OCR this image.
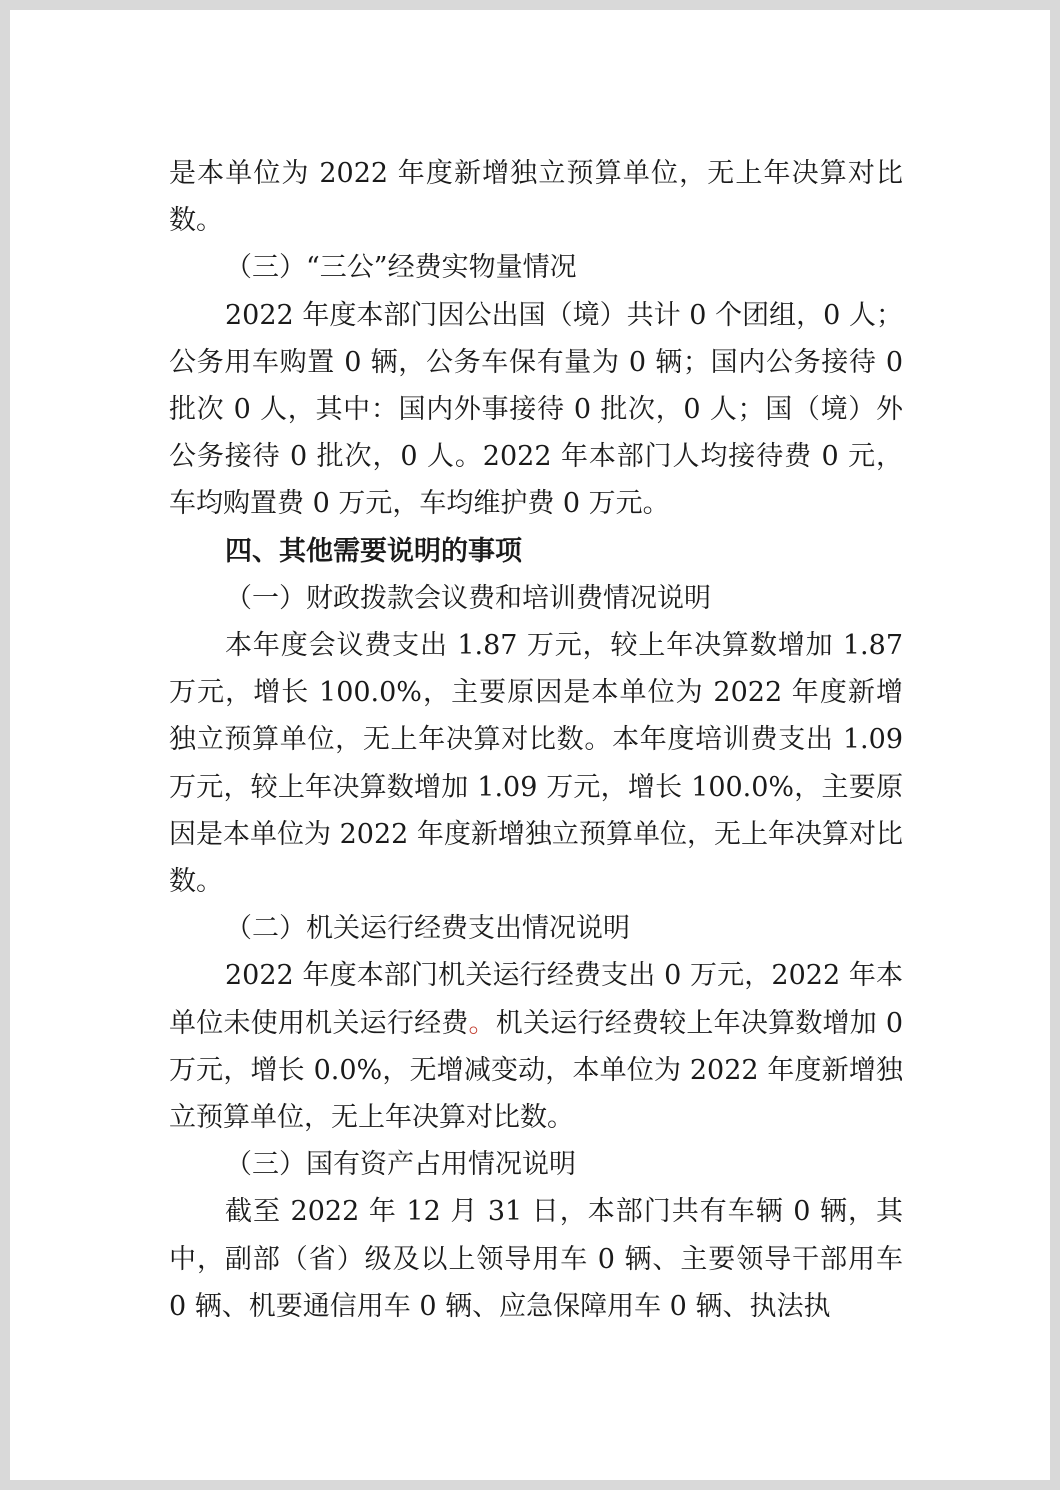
是本单位为 2022 年度新增独立预算单位，无上年决算对比数。

（三）“三公”经费实物量情况

2022 年度本部门因公出国（境）共计 0 个团组，0 人；公务用车购置 0 辆，公务车保有量为 0 辆；国内公务接待 0 批次 0 人，其中：国内外事接待 0 批次，0 人；国（境）外公务接待 0 批次，0 人。2022 年本部门人均接待费 0 元，车均购置费 0 万元，车均维护费 0 万元。

四、其他需要说明的事项

（一）财政拨款会议费和培训费情况说明

本年度会议费支出 1.87 万元，较上年决算数增加 1.87 万元，增长 100.0%，主要原因是本单位为 2022 年度新增独立预算单位，无上年决算对比数。本年度培训费支出 1.09 万元，较上年决算数增加 1.09 万元，增长 100.0%，主要原因是本单位为 2022 年度新增独立预算单位，无上年决算对比数。

（二）机关运行经费支出情况说明

2022 年度本部门机关运行经费支出 0 万元，2022 年本单位未使用机关运行经费。机关运行经费较上年决算数增加 0 万元，增长 0.0%，无增减变动，本单位为 2022 年度新增独立预算单位，无上年决算对比数。

（三）国有资产占用情况说明

截至 2022 年 12 月 31 日，本部门共有车辆 0 辆，其中，副部（省）级及以上领导用车 0 辆、主要领导干部用车 0 辆、机要通信用车 0 辆、应急保障用车 0 辆、执法执
